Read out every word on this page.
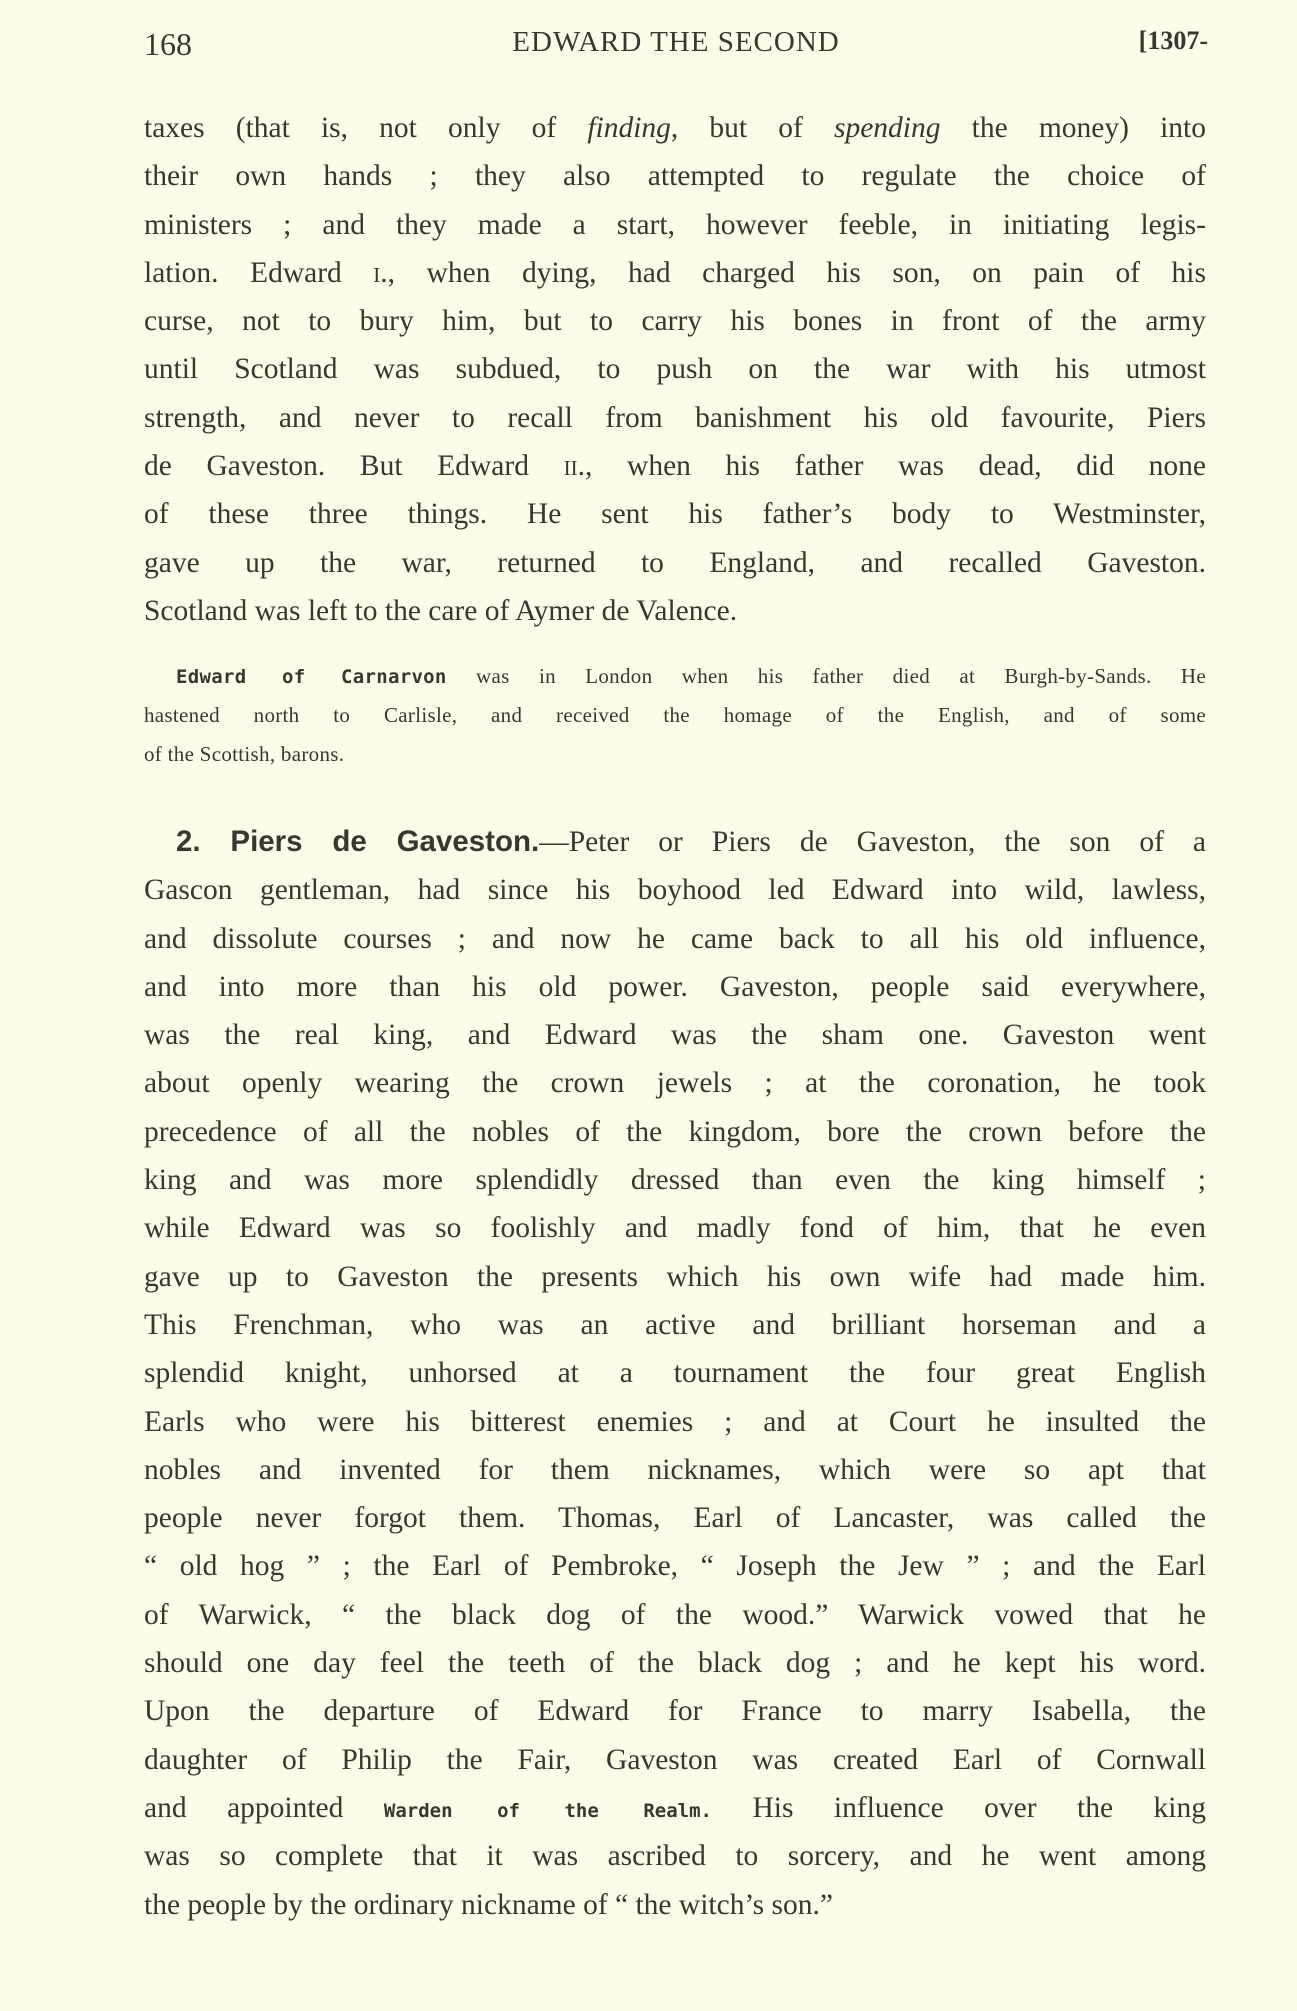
168	EDWARD THE SECOND	[1307-
taxes (that is, not only of finding, but of spending the money) into
their own hands ; they also attempted to regulate the choice of
ministers ; and they made a start, however feeble, in initiating legis-
lation. Edward i., when dying, had charged his son, on pain of his
curse, not to bury him, but to carry his bones in front of the army
until Scotland was subdued, to push on the war with his utmost
strength, and never to recall from banishment his old favourite, Piers
de Gaveston. But Edward ii., when his father was dead, did none
of these three things. He sent his father’s body to Westminster,
gave up the war, returned to England, and recalled Gaveston.
Scotland was left to the care of Aymer de Valence.
Edward of Carnarvon was in London when his father died at Burgh-by-Sands. He
hastened north to Carlisle, and received the homage of the English, and of some
of the Scottish, barons.
2. Piers de Gaveston.—Peter or Piers de Gaveston, the son of a
Gascon gentleman, had since his boyhood led Edward into wild, lawless,
and dissolute courses ; and now he came back to all his old influence,
and into more than his old power. Gaveston, people said everywhere,
was the real king, and Edward was the sham one. Gaveston went
about openly wearing the crown jewels ; at the coronation, he took
precedence of all the nobles of the kingdom, bore the crown before the
king and was more splendidly dressed than even the king himself ;
while Edward was so foolishly and madly fond of him, that he even
gave up to Gaveston the presents which his own wife had made him.
This Frenchman, who was an active and brilliant horseman and a
splendid knight, unhorsed at a tournament the four great English
Earls who were his bitterest enemies ; and at Court he insulted the
nobles and invented for them nicknames, which were so apt that
people never forgot them. Thomas, Earl of Lancaster, was called the
“ old hog ” ; the Earl of Pembroke, “ Joseph the Jew ” ; and the Earl
of Warwick, “ the black dog of the wood.” Warwick vowed that he
should one day feel the teeth of the black dog ; and he kept his word.
Upon the departure of Edward for France to marry Isabella, the
daughter of Philip the Fair, Gaveston was created Earl of Cornwall
and appointed Warden of the Realm. His influence over the king
was so complete that it was ascribed to sorcery, and he went among
the people by the ordinary nickname of “ the witch’s son.”
